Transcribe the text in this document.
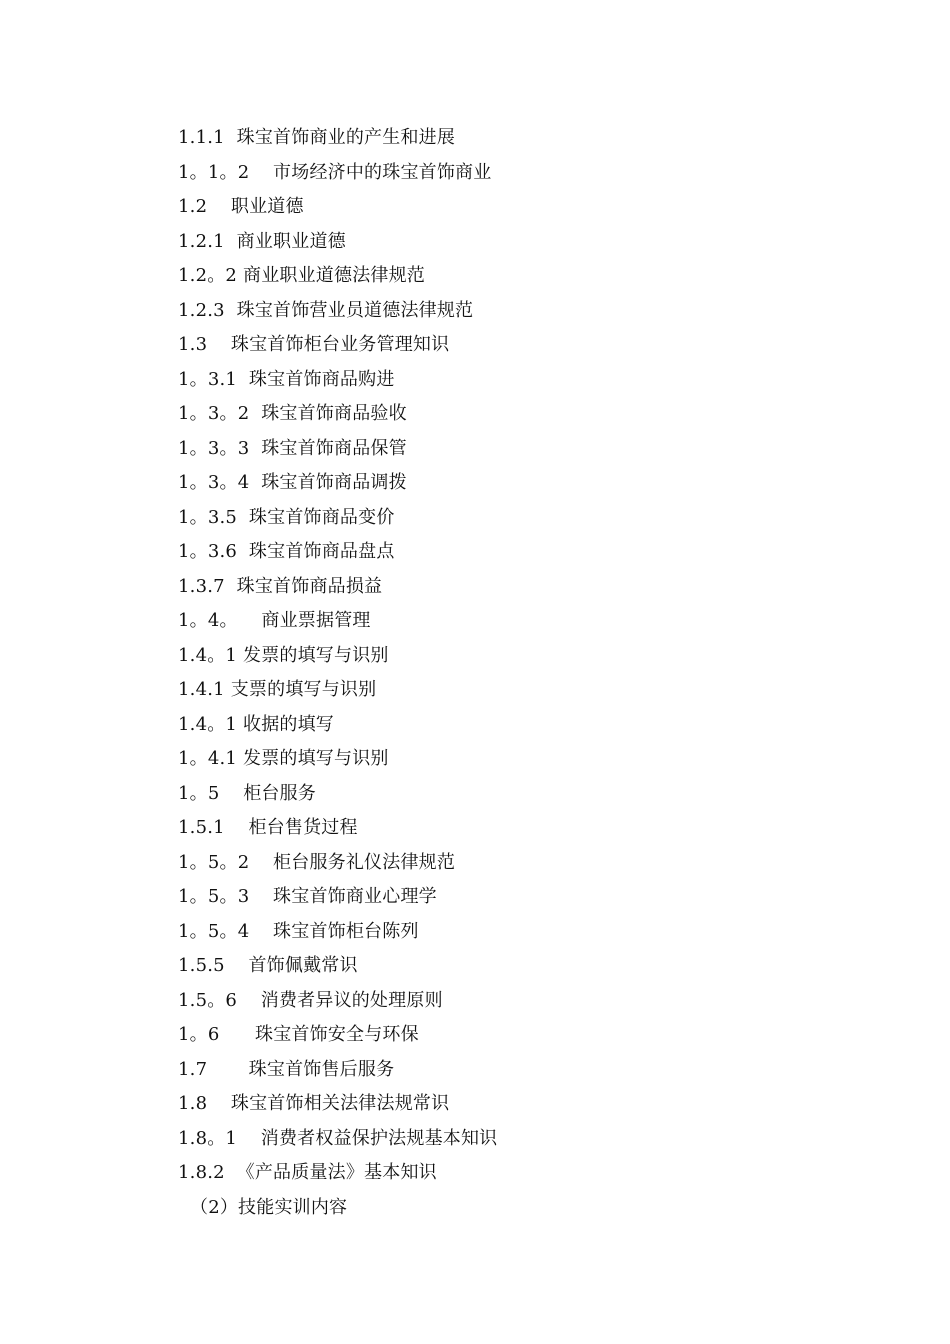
1.1.1  珠宝首饰商业的产生和进展
1。1。2    市场经济中的珠宝首饰商业
1.2    职业道德
1.2.1  商业职业道德
1.2。2 商业职业道德法律规范
1.2.3  珠宝首饰营业员道德法律规范
1.3    珠宝首饰柜台业务管理知识
1。3.1  珠宝首饰商品购进
1。3。2  珠宝首饰商品验收
1。3。3  珠宝首饰商品保管
1。3。4  珠宝首饰商品调拨
1。3.5  珠宝首饰商品变价
1。3.6  珠宝首饰商品盘点
1.3.7  珠宝首饰商品损益
1。4。    商业票据管理
1.4。1 发票的填写与识别
1.4.1 支票的填写与识别
1.4。1 收据的填写
1。4.1 发票的填写与识别
1。5    柜台服务
1.5.1    柜台售货过程
1。5。2    柜台服务礼仪法律规范
1。5。3    珠宝首饰商业心理学
1。5。4    珠宝首饰柜台陈列
1.5.5    首饰佩戴常识
1.5。6    消费者异议的处理原则
1。6      珠宝首饰安全与环保
1.7       珠宝首饰售后服务
1.8    珠宝首饰相关法律法规常识
1.8。1    消费者权益保护法规基本知识
1.8.2  《产品质量法》基本知识
（2）技能实训内容
